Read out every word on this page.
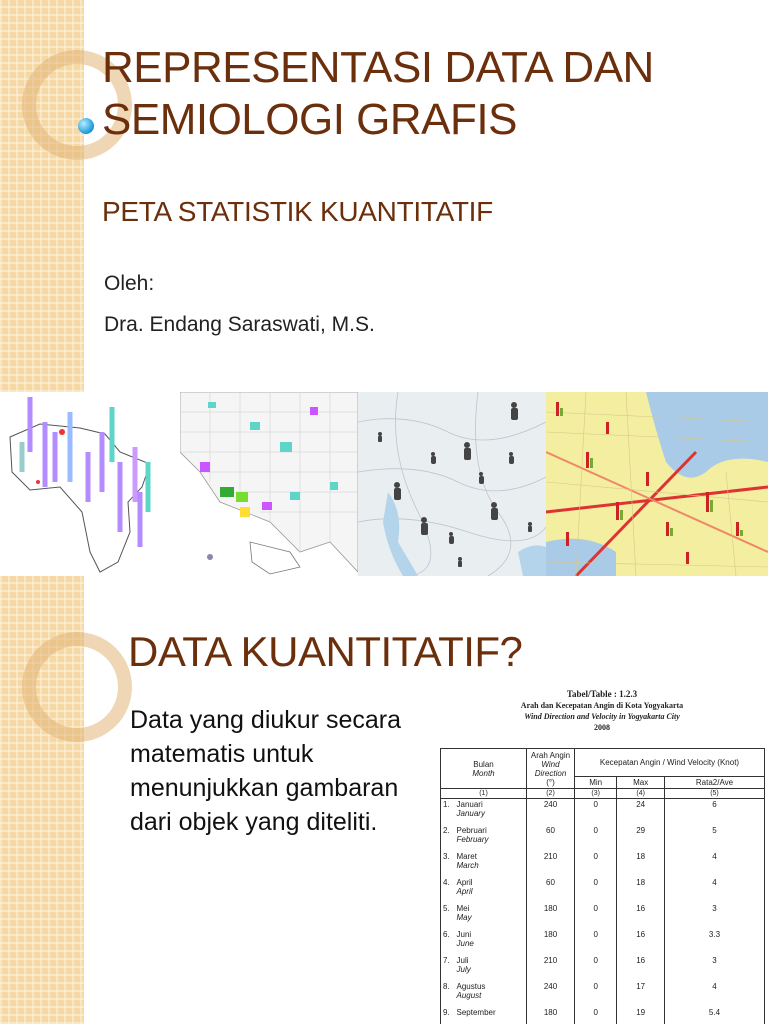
REPRESENTASI DATA DAN
SEMIOLOGI GRAFIS
PETA STATISTIK KUANTITATIF
Oleh:
Dra. Endang Saraswati, M.S.
DATA KUANTITATIF?
Data yang diukur secara matematis untuk menunjukkan gambaran dari objek yang diteliti.
Tabel/Table : 1.2.3
Arah dan Kecepatan Angin di Kota Yogyakarta
Wind Direction and Velocity in Yogyakarta City
2008
Bulan
Month		Arah Angin
Wind Direction
(°)	Kecepatan Angin / Wind Velocity (Knot)		
			Min	Max	Rata2/Ave
(1)		(2)	(3)	(4)	(5)
1.	Januari
January	240	0	24	6
2.	Pebruari
February	60	0	29	5
3.	Maret
March	210	0	18	4
4.	April
April	60	0	18	4
5.	Mei
May	180	0	16	3
6.	Juni
June	180	0	16	3.3
7.	Juli
July	210	0	16	3
8.	Agustus
August	240	0	17	4
9.	September	180	0	19	5.4
